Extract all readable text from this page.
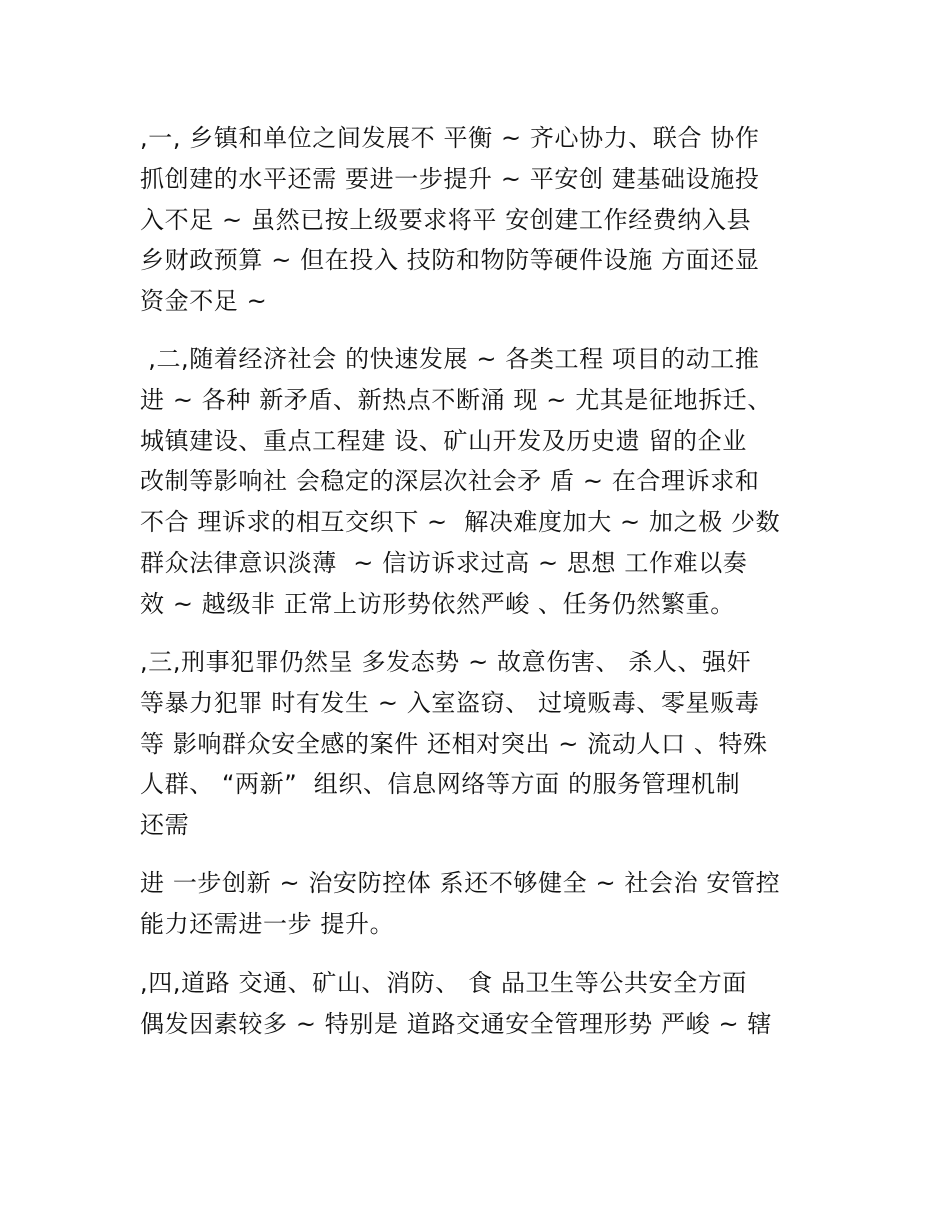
,一, 乡镇和单位之间发展不 平衡 ~ 齐心协力、联合 协作
抓创建的水平还需 要进一步提升 ~ 平安创 建基础设施投
入不足 ~ 虽然已按上级要求将平 安创建工作经费纳入县
乡财政预算 ~ 但在投入 技防和物防等硬件设施 方面还显
资金不足 ~
,二,随着经济社会 的快速发展 ~ 各类工程 项目的动工推
进 ~ 各种 新矛盾、新热点不断涌 现 ~ 尤其是征地拆迁、
城镇建设、重点工程建 设、矿山开发及历史遗 留的企业
改制等影响社 会稳定的深层次社会矛 盾 ~ 在合理诉求和
不合 理诉求的相互交织下 ~  解决难度加大 ~ 加之极 少数
群众法律意识淡薄  ~ 信访诉求过高 ~ 思想 工作难以奏
效 ~ 越级非 正常上访形势依然严峻 、任务仍然繁重。
,三,刑事犯罪仍然呈 多发态势 ~ 故意伤害、 杀人、强奸
等暴力犯罪 时有发生 ~ 入室盗窃、 过境贩毒、零星贩毒
等 影响群众安全感的案件 还相对突出 ~ 流动人口 、特殊
人群、 “两新”  组织、信息网络等方面 的服务管理机制
还需
进 一步创新 ~ 治安防控体 系还不够健全 ~ 社会治 安管控
能力还需进一步 提升。
,四,道路 交通、矿山、消防、 食 品卫生等公共安全方面
偶发因素较多 ~ 特别是 道路交通安全管理形势 严峻 ~ 辖
